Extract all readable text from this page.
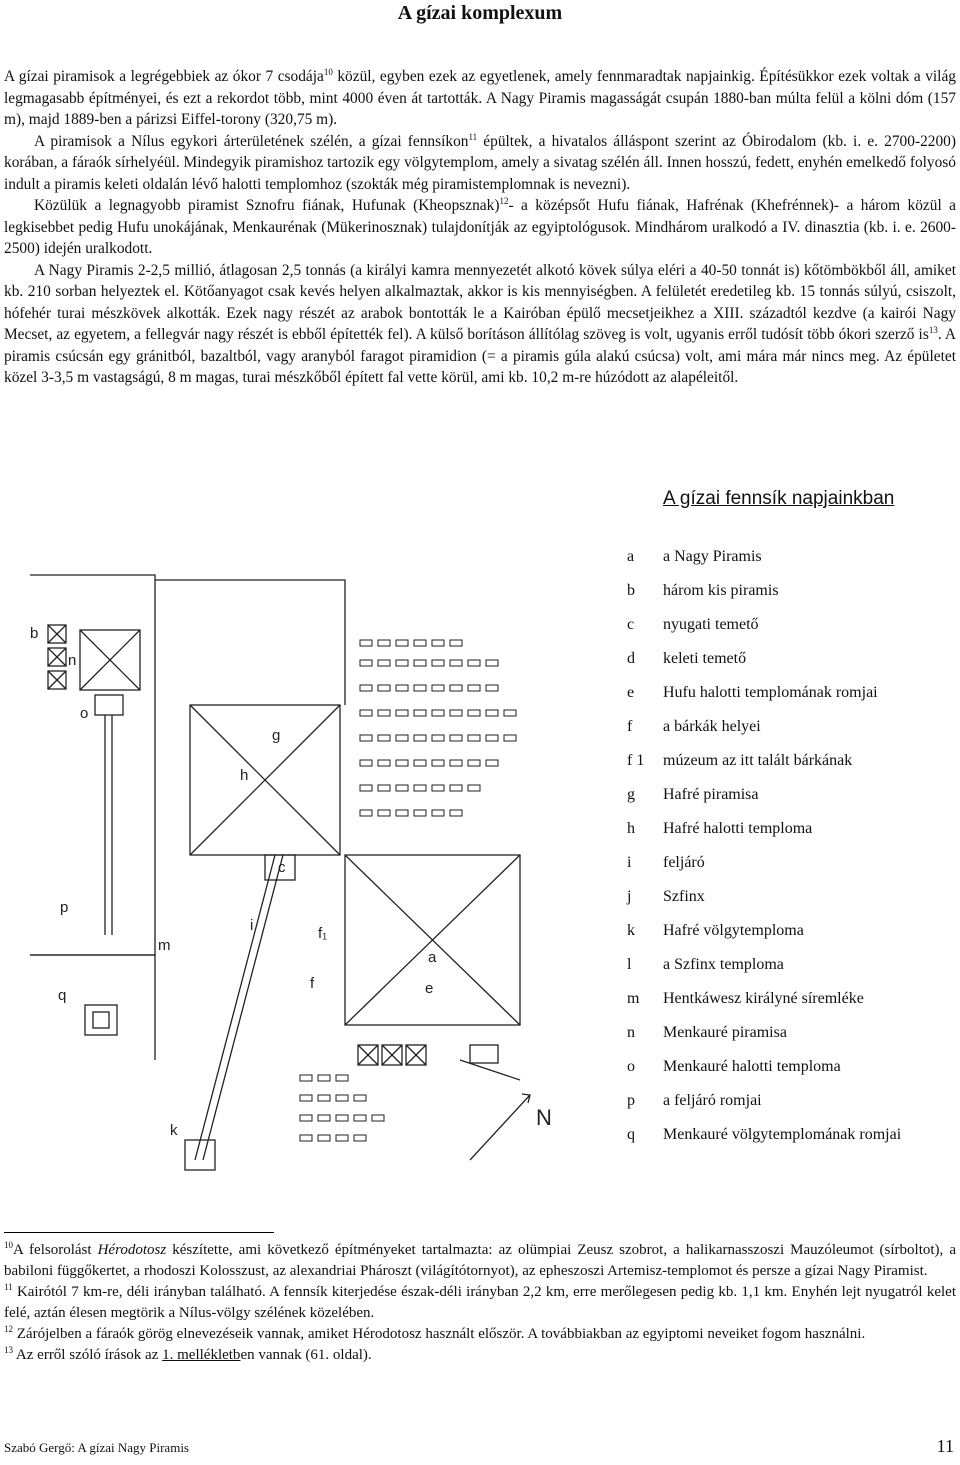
A gízai komplexum

A gízai piramisok a legrégebbiek az ókor 7 csodája$^{10}$ közül, egyben ezek az egyetlenek, amely fennmaradtak napjainkig. Építésükkor ezek voltak a világ legmagasabb építményei, és ezt a rekordot több, mint 4000 éven át tartották. A Nagy Piramis magasságát csupán 1880-ban múlta felül a kölni dóm (157 m), majd 1889-ben a párizsi Eiffel-torony (320,75 m).

A piramisok a Nílus egykori árterületének szélén, a gízai fennsíkon$^{11}$ épültek, a hivatalos álláspont szerint az Óbirodalom (kb. i. e. 2700-2200) korában, a fáraók sírhelyéül. Mindegyik piramishoz tartozik egy völgytemplom, amely a sivatag szélén áll. Innen hosszú, fedett, enyhén emelkedő folyosó indult a piramis keleti oldalán lévő halotti templomhoz (szokták még piramistemplomnak is nevezni).

Közülük a legnagyobb piramist Sznofru fiának, Hufunak (Kheopsznak)$^{12}$- a középsőt Hufu fiának, Hafrénak (Khefrénnek)- a három közül a legkisebbet pedig Hufu unokájának, Menkaurénak (Mükerinosznak) tulajdonítják az egyiptológusok. Mindhárom uralkodó a IV. dinasztia (kb. i. e. 2600-2500) idején uralkodott.

A Nagy Piramis 2-2,5 millió, átlagosan 2,5 tonnás (a királyi kamra mennyezetét alkotó kövek súlya eléri a 40-50 tonnát is) kőtömbökből áll, amiket kb. 210 sorban helyeztek el. Kötőanyagot csak kevés helyen alkalmaztak, akkor is kis mennyiségben. A felületét eredetileg kb. 15 tonnás súlyú, csiszolt, hófehér turai mészkövek alkották. Ezek nagy részét az arabok bontották le a Kairóban épülő mecsetjeikhez a XIII. századtól kezdve (a kairói Nagy Mecset, az egyetem, a fellegvár nagy részét is ebből építették fel). A külső borításon állítólag szöveg is volt, ugyanis erről tudósít több ókori szerző $is^{13}$. A piramis csúcsán egy gránitból, bazaltból, vagy aranyból faragot piramidion (= a piramis gúla alakú csúcsa) volt, ami mára már nincs meg. Az épületet közel 3-3,5 m vastagságú, 8 m magas, turai mészkőből épített fal vette körül, ami kb. 10,2 m-re húzódott az alapéleitől.

b
n
o
g
h
p
q
m
c
i	f₁
a
e
f
k
N
A gízai fennsík napjainkban
a	a Nagy Piramis
b	három kis piramis
c	nyugati temető
d	keleti temető
e	Hufu halotti templomának romjai
f	a bárkák helyei
f 1	múzeum az itt talált bárkának
g	Hafré piramisa
h	Hafré halotti temploma
i	feljáró
j	Szfinx
k	Hafré völgytemploma
l	a Szfinx temploma
m	Hentkáwesz királyné síremléke
n	Menkauré piramisa
o	Menkauré halotti temploma
p	a feljáró romjai
q	Menkauré völgytemplomának romjai

$^{10}$A felsorolást Hérodotosz készítette, ami következő építményeket tartalmazta: az olümpiai Zeusz szobrot, a halikarnasszoszi Mauzóleumot (sírboltot), a babiloni függőkertet, a rhodoszi Kolosszust, az alexandriai Phároszt (világítótornyot), az epheszoszi Artemisz-templomot és persze a gízai Nagy Piramist.

$^{11}$ Kairótól 7 km-re, déli irányban található. A fennsík kiterjedése észak-déli irányban 2,2 km, erre merőlegesen pedig kb. 1,1 km. Enyhén lejt nyugatról kelet felé, aztán élesen megtörik a Nílus-völgy szélének közelében.

$^{12}$ Zárójelben a fáraók görög elnevezéseik vannak, amiket Hérodotosz használt először. A továbbiakban az egyiptomi neveiket fogom használni.

$^{13}$ Az erről szóló írások az 1. mellékletben vannak (61. oldal).

Szabó Gergő: A gízai Nagy Piramis	11
